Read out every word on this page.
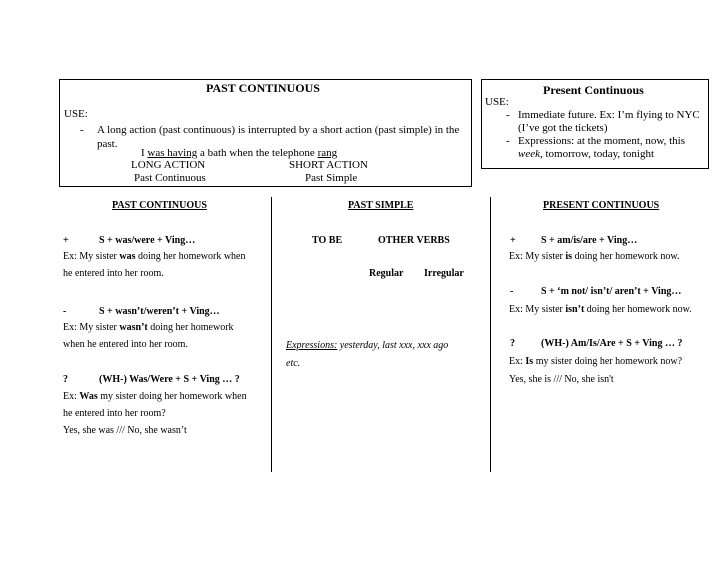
PAST CONTINUOUS
USE:
- A long action (past continuous) is interrupted by a short action (past simple) in the
past.
I was having a bath when the telephone rang
LONG ACTION	SHORT ACTION
Past Continuous	Past Simple
Present Continuous
USE:
- Immediate future. Ex: I’m flying to NYC
(I’ve got the tickets)
- Expressions: at the moment, now, this
week, tomorrow, today, tonight
PAST CONTINUOUS
+	S + was/were + Ving…
Ex: My sister was doing her homework when
he entered into her room.
-	S + wasn’t/weren’t + Ving…
Ex: My sister wasn’t doing her homework
when he entered into her room.
?	(WH-) Was/Were + S + Ving … ?
Ex: Was my sister doing her homework when
he entered into her room?
Yes, she was /// No, she wasn’t
PAST SIMPLE
TO BE	OTHER VERBS
Regular Irregular
Expressions: yesterday, last xxx, xxx ago
etc.
PRESENT CONTINUOUS
+	S + am/is/are + Ving…
Ex: My sister is doing her homework now.
-	S + ‘m not/ isn’t/ aren’t + Ving…
Ex: My sister isn’t doing her homework now.
?	(WH-) Am/Is/Are + S + Ving … ?
Ex: Is my sister doing her homework now?
Yes, she is /// No, she isn't
